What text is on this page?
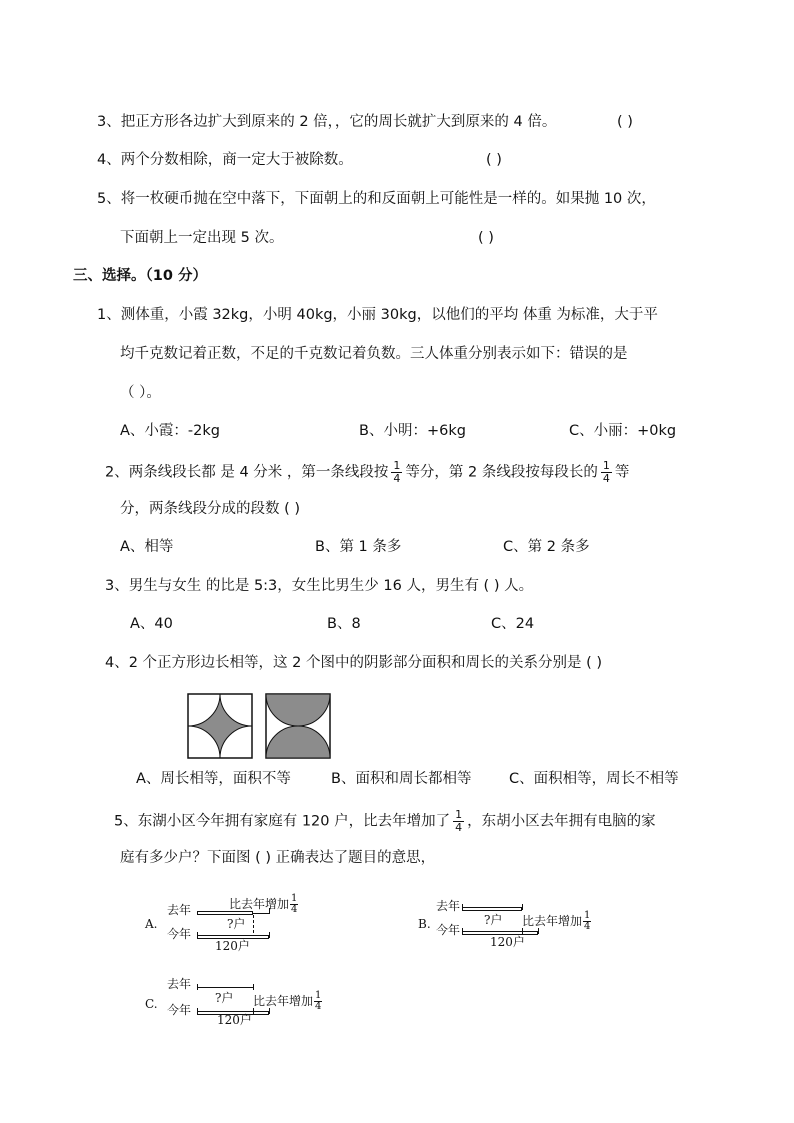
3、把正方形各边扩大到原来的 2 倍，，它的周长就扩大到原来的 4 倍。	( )
4、两个分数相除，商一定大于被除数。	( )
5、将一枚硬币抛在空中落下，下面朝上的和反面朝上可能性是一样的。如果抛 10 次，
下面朝上一定出现 5 次。	( )
三、选择。（10 分）
1、测体重，小霞 32kg，小明 40kg，小丽 30kg，以他们的平均 体重 为标准，大于平
均千克数记着正数，不足的千克数记着负数。三人体重分别表示如下：错误的是
（ ）。
A、小霞：-2kg	B、小明：+6kg	C、小丽：+0kg
2、两条线段长都 是 4 分米 ，第一条线段按 $\frac{1}{4}$ 等分，第 2 条线段按每段长的 $\frac{1}{4}$ 等
分，两条线段分成的段数 ( )
A、相等	B、第 1 条多	C、第 2 条多
3、男生与女生 的比是 5:3，女生比男生少 16 人，男生有 ( ) 人。
A、40	B、8	C、24
4、2 个正方形边长相等，这 2 个图中的阴影部分面积和周长的关系分别是 ( )
A、周长相等，面积不等	B、面积和周长都相等	C、面积相等，周长不相等
5、东湖小区今年拥有家庭有 120 户，比去年增加了 $\frac{1}{4}$ ，东胡小区去年拥有电脑的家
庭有多少户？下面图 ( ) 正确表达了题目的意思，
A.
去年
今年
比去年增加 $\frac{1}{4}$
?户
120户
B.
去年
今年
?户 比去年增加 $\frac{1}{4}$
120户
C.
去年
今年
?户 比去年增加 $\frac{1}{4}$
120户
